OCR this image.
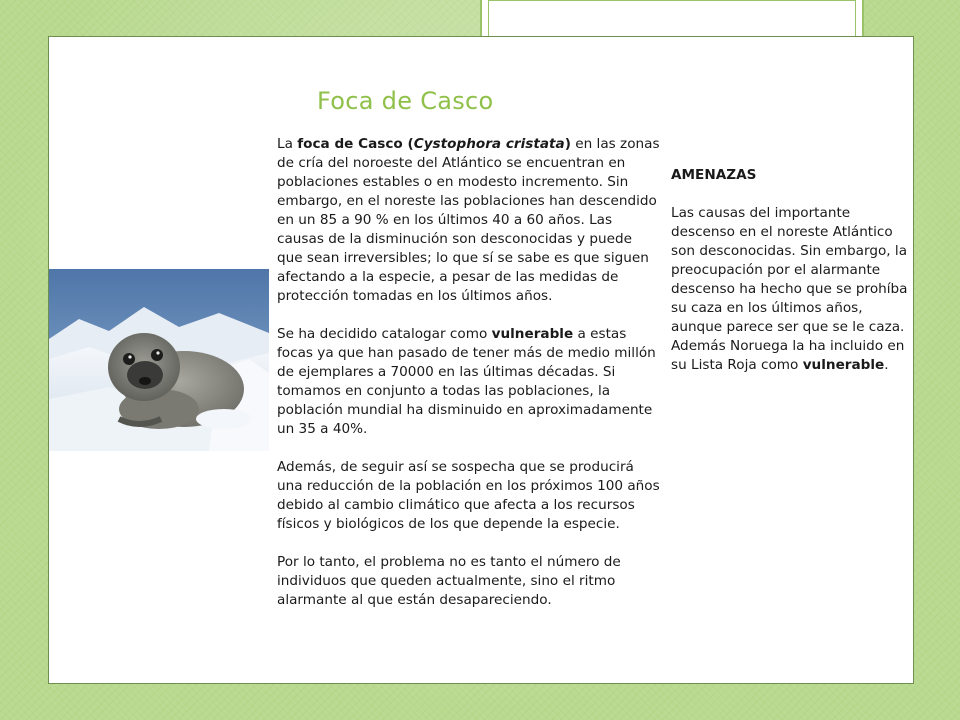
Foca de Casco

La foca de Casco (Cystophora cristata) en las zonas de cría del noroeste del Atlántico se encuentran en poblaciones estables o en modesto incremento. Sin embargo, en el noreste las poblaciones han descendido en un 85 a 90 % en los últimos 40 a 60 años. Las causas de la disminución son desconocidas y puede que sean irreversibles; lo que sí se sabe es que siguen afectando a la especie, a pesar de las medidas de protección tomadas en los últimos años.

Se ha decidido catalogar como vulnerable a estas focas ya que han pasado de tener más de medio millón de ejemplares a 70000 en las últimas décadas. Si tomamos en conjunto a todas las poblaciones, la población mundial ha disminuido en aproximadamente un 35 a 40%.

Además, de seguir así se sospecha que se producirá una reducción de la población en los próximos 100 años debido al cambio climático que afecta a los recursos físicos y biológicos de los que depende la especie.

Por lo tanto, el problema no es tanto el número de individuos que queden actualmente, sino el ritmo alarmante al que están desapareciendo.

AMENAZAS

Las causas del importante descenso en el noreste Atlántico son desconocidas. Sin embargo, la preocupación por el alarmante descenso ha hecho que se prohíba su caza en los últimos años, aunque parece ser que se le caza. Además Noruega la ha incluido en su Lista Roja como vulnerable.
